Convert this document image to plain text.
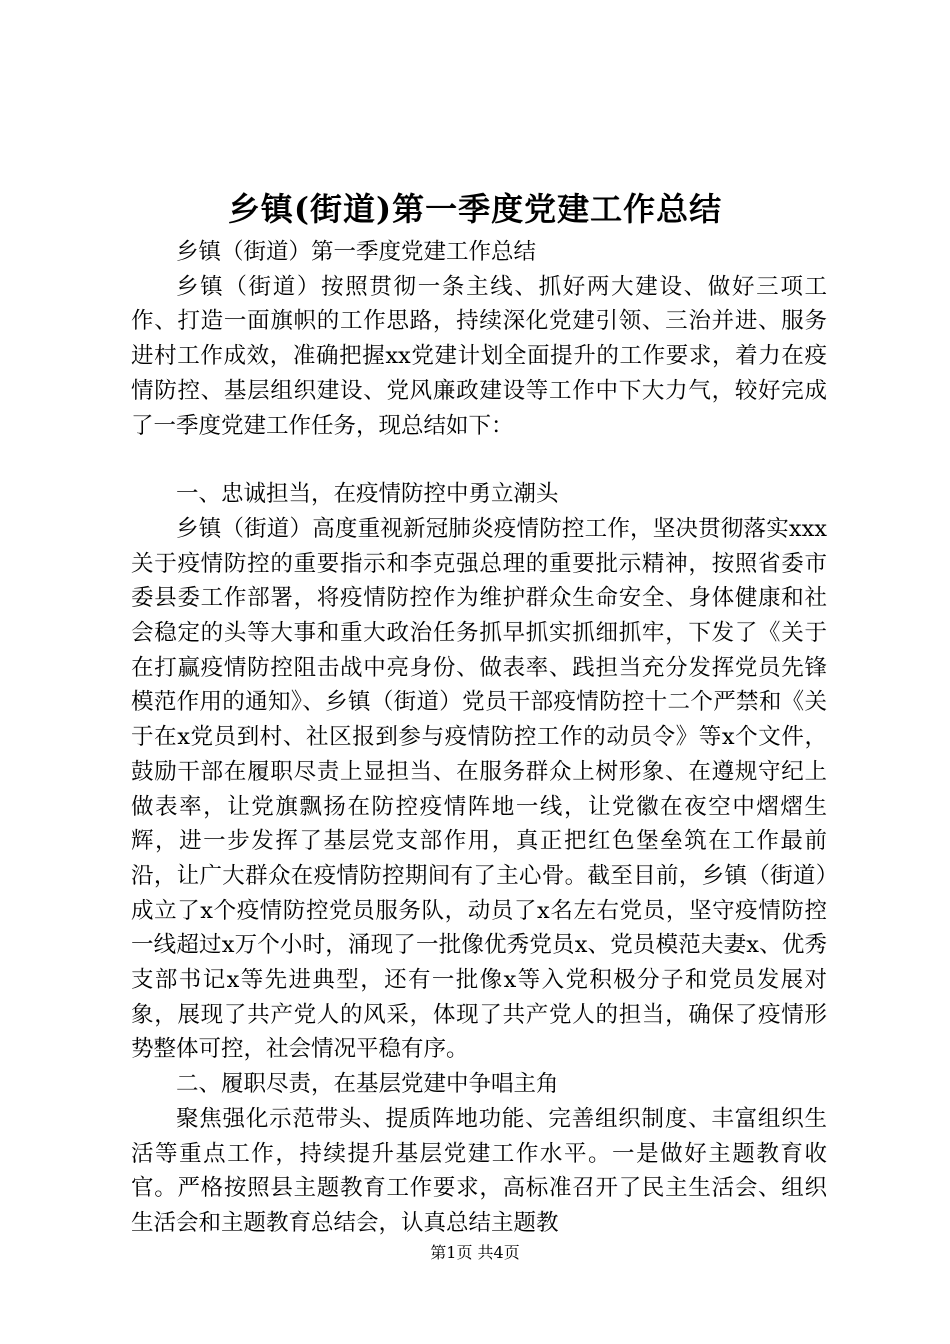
乡镇(街道)第一季度党建工作总结

乡镇（街道）第一季度党建工作总结

乡镇（街道）按照贯彻一条主线、抓好两大建设、做好三项工作、打造一面旗帜的工作思路，持续深化党建引领、三治并进、服务进村工作成效，准确把握xx党建计划全面提升的工作要求，着力在疫情防控、基层组织建设、党风廉政建设等工作中下大力气，较好完成了一季度党建工作任务，现总结如下：

一、忠诚担当，在疫情防控中勇立潮头

乡镇（街道）高度重视新冠肺炎疫情防控工作，坚决贯彻落实xxx关于疫情防控的重要指示和李克强总理的重要批示精神，按照省委市委县委工作部署，将疫情防控作为维护群众生命安全、身体健康和社会稳定的头等大事和重大政治任务抓早抓实抓细抓牢，下发了《关于在打赢疫情防控阻击战中亮身份、做表率、践担当充分发挥党员先锋模范作用的通知》、乡镇（街道）党员干部疫情防控十二个严禁和《关于在x党员到村、社区报到参与疫情防控工作的动员令》等x个文件，鼓励干部在履职尽责上显担当、在服务群众上树形象、在遵规守纪上做表率，让党旗飘扬在防控疫情阵地一线，让党徽在夜空中熠熠生辉，进一步发挥了基层党支部作用，真正把红色堡垒筑在工作最前沿，让广大群众在疫情防控期间有了主心骨。截至目前，乡镇（街道）成立了x个疫情防控党员服务队，动员了x名左右党员，坚守疫情防控一线超过x万个小时，涌现了一批像优秀党员x、党员模范夫妻x、优秀支部书记x等先进典型，还有一批像x等入党积极分子和党员发展对象，展现了共产党人的风采，体现了共产党人的担当，确保了疫情形势整体可控，社会情况平稳有序。

二、履职尽责，在基层党建中争唱主角

聚焦强化示范带头、提质阵地功能、完善组织制度、丰富组织生活等重点工作，持续提升基层党建工作水平。一是做好主题教育收官。严格按照县主题教育工作要求，高标准召开了民主生活会、组织生活会和主题教育总结会，认真总结主题教

第1页 共4页
